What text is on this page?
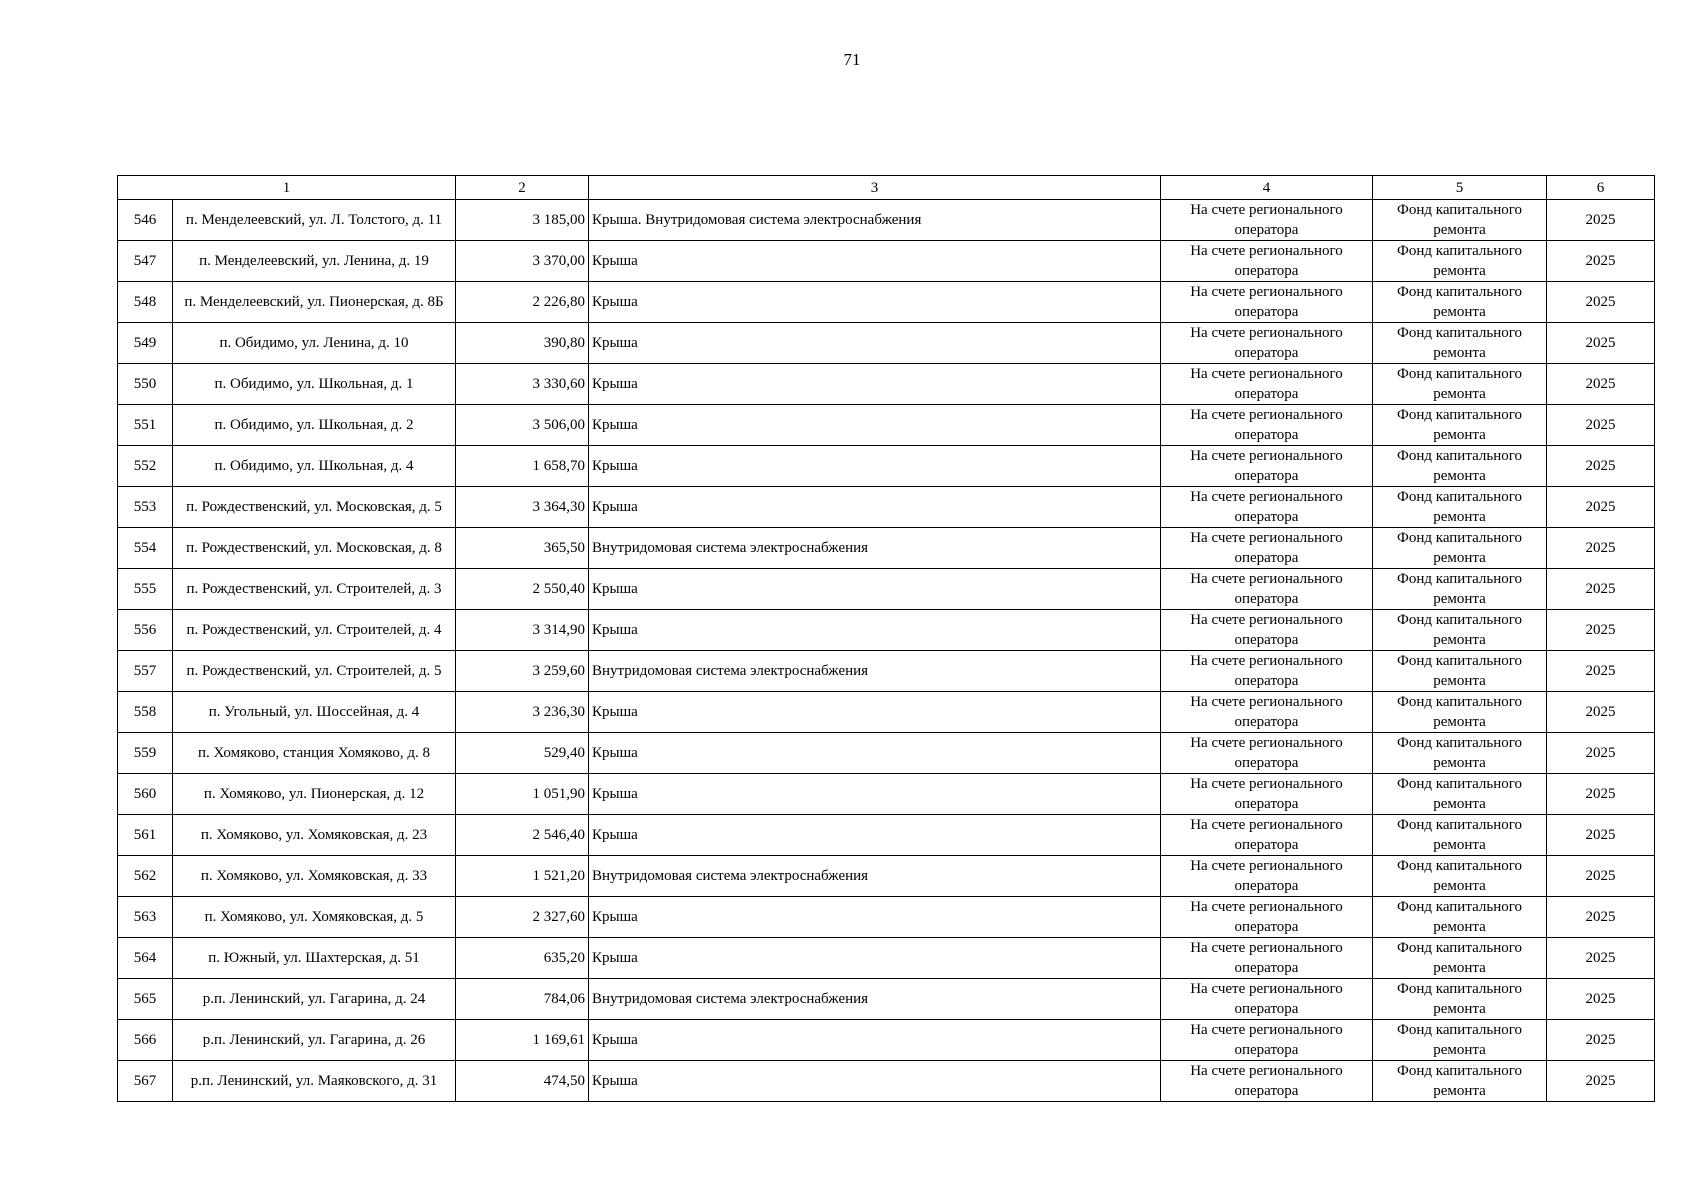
71
1		2	3	4	5	6
546	п. Менделеевский, ул. Л. Толстого, д. 11	3 185,00	Крыша. Внутридомовая система электроснабжения	На счете регионального оператора	Фонд капитального ремонта	2025
547	п. Менделеевский, ул. Ленина, д. 19	3 370,00	Крыша	На счете регионального оператора	Фонд капитального ремонта	2025
548	п. Менделеевский, ул. Пионерская, д. 8Б	2 226,80	Крыша	На счете регионального оператора	Фонд капитального ремонта	2025
549	п. Обидимо, ул. Ленина, д. 10	390,80	Крыша	На счете регионального оператора	Фонд капитального ремонта	2025
550	п. Обидимо, ул. Школьная, д. 1	3 330,60	Крыша	На счете регионального оператора	Фонд капитального ремонта	2025
551	п. Обидимо, ул. Школьная, д. 2	3 506,00	Крыша	На счете регионального оператора	Фонд капитального ремонта	2025
552	п. Обидимо, ул. Школьная, д. 4	1 658,70	Крыша	На счете регионального оператора	Фонд капитального ремонта	2025
553	п. Рождественский, ул. Московская, д. 5	3 364,30	Крыша	На счете регионального оператора	Фонд капитального ремонта	2025
554	п. Рождественский, ул. Московская, д. 8	365,50	Внутридомовая система электроснабжения	На счете регионального оператора	Фонд капитального ремонта	2025
555	п. Рождественский, ул. Строителей, д. 3	2 550,40	Крыша	На счете регионального оператора	Фонд капитального ремонта	2025
556	п. Рождественский, ул. Строителей, д. 4	3 314,90	Крыша	На счете регионального оператора	Фонд капитального ремонта	2025
557	п. Рождественский, ул. Строителей, д. 5	3 259,60	Внутридомовая система электроснабжения	На счете регионального оператора	Фонд капитального ремонта	2025
558	п. Угольный, ул. Шоссейная, д. 4	3 236,30	Крыша	На счете регионального оператора	Фонд капитального ремонта	2025
559	п. Хомяково, станция Хомяково, д. 8	529,40	Крыша	На счете регионального оператора	Фонд капитального ремонта	2025
560	п. Хомяково, ул. Пионерская, д. 12	1 051,90	Крыша	На счете регионального оператора	Фонд капитального ремонта	2025
561	п. Хомяково, ул. Хомяковская, д. 23	2 546,40	Крыша	На счете регионального оператора	Фонд капитального ремонта	2025
562	п. Хомяково, ул. Хомяковская, д. 33	1 521,20	Внутридомовая система электроснабжения	На счете регионального оператора	Фонд капитального ремонта	2025
563	п. Хомяково, ул. Хомяковская, д. 5	2 327,60	Крыша	На счете регионального оператора	Фонд капитального ремонта	2025
564	п. Южный, ул. Шахтерская, д. 51	635,20	Крыша	На счете регионального оператора	Фонд капитального ремонта	2025
565	р.п. Ленинский, ул. Гагарина, д. 24	784,06	Внутридомовая система электроснабжения	На счете регионального оператора	Фонд капитального ремонта	2025
566	р.п. Ленинский, ул. Гагарина, д. 26	1 169,61	Крыша	На счете регионального оператора	Фонд капитального ремонта	2025
567	р.п. Ленинский, ул. Маяковского, д. 31	474,50	Крыша	На счете регионального оператора	Фонд капитального ремонта	2025
